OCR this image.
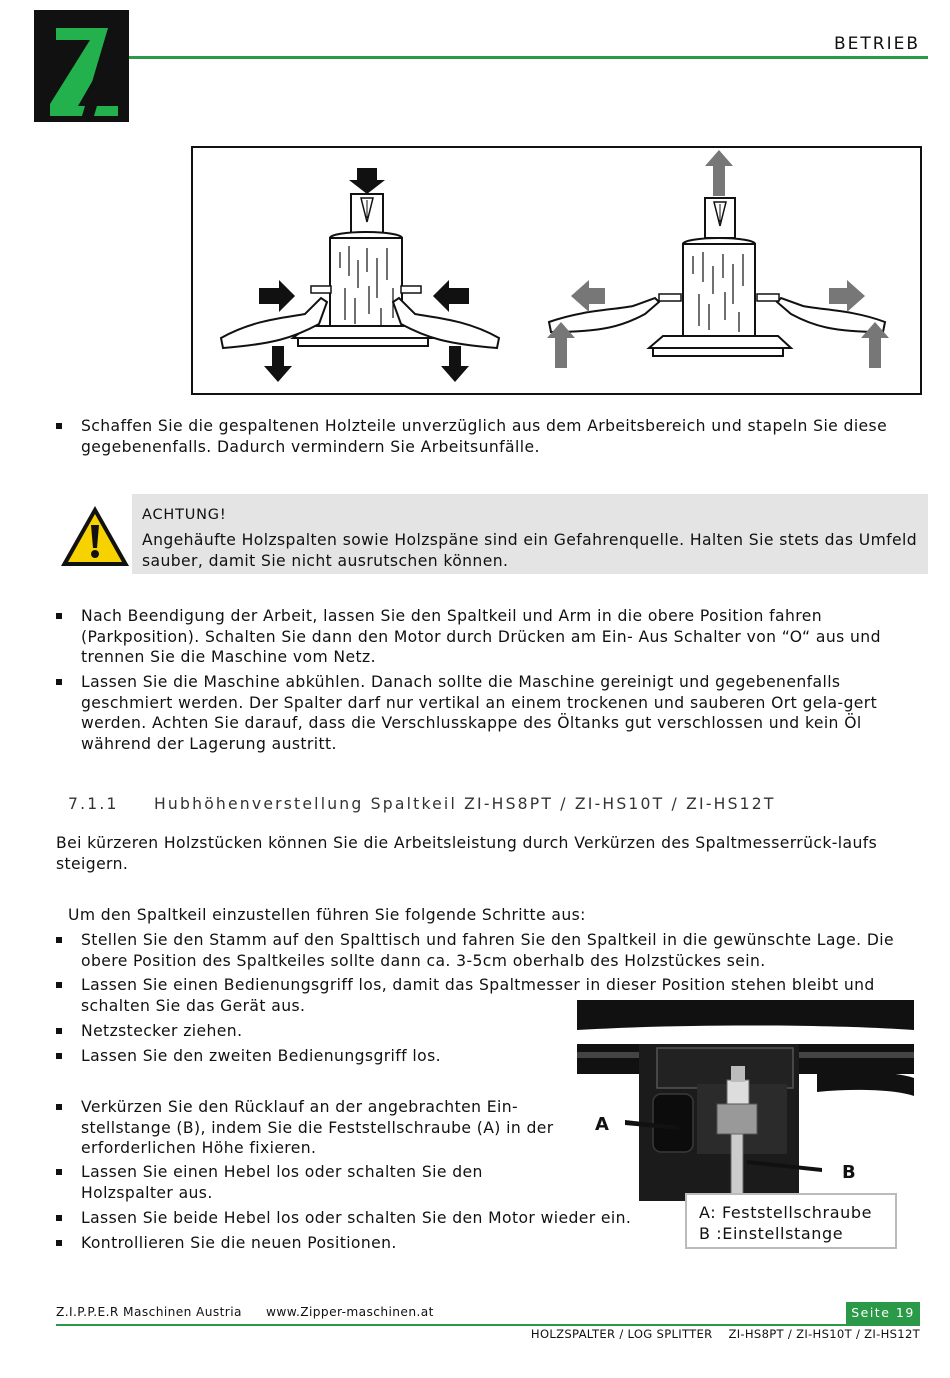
BETRIEB
Schaffen Sie die gespaltenen Holzteile unverzüglich aus dem Arbeitsbereich und stapeln Sie diese gegebenenfalls. Dadurch vermindern Sie Arbeitsunfälle.
ACHTUNG!
Angehäufte Holzspalten sowie Holzspäne sind ein Gefahrenquelle. Halten Sie stets das Umfeld sauber, damit Sie nicht ausrutschen können.
Nach Beendigung der Arbeit, lassen Sie den Spaltkeil und Arm in die obere Position fahren (Parkposition). Schalten Sie dann den Motor durch Drücken am Ein- Aus Schalter von “O“ aus und trennen Sie die Maschine vom Netz.
Lassen Sie die Maschine abkühlen. Danach sollte die Maschine gereinigt und gegebenenfalls geschmiert werden. Der Spalter darf nur vertikal an einem trockenen und sauberen Ort gela-gert werden. Achten Sie darauf, dass die Verschlusskappe des Öltanks gut verschlossen und kein Öl während der Lagerung austritt.
7.1.1 Hubhöhenverstellung Spaltkeil ZI-HS8PT / ZI-HS10T / ZI-HS12T
Bei kürzeren Holzstücken können Sie die Arbeitsleistung durch Verkürzen des Spaltmesserrück-laufs steigern.
Um den Spaltkeil einzustellen führen Sie folgende Schritte aus:
Stellen Sie den Stamm auf den Spalttisch und fahren Sie den Spaltkeil in die gewünschte Lage. Die obere Position des Spaltkeiles sollte dann ca. 3-5cm oberhalb des Holzstückes sein.
Lassen Sie einen Bedienungsgriff los, damit das Spaltmesser in dieser Position stehen bleibt und schalten Sie das Gerät aus.
Netzstecker ziehen.
Lassen Sie den zweiten Bedienungsgriff los.
Verkürzen Sie den Rücklauf an der angebrachten Ein-stellstange (B), indem Sie die Feststellschraube (A) in der erforderlichen Höhe fixieren.
Lassen Sie einen Hebel los oder schalten Sie den Holzspalter aus.
Lassen Sie beide Hebel los oder schalten Sie den Motor wieder ein.
Kontrollieren Sie die neuen Positionen.
A
B
A: Feststellschraube
B :Einstellstange
Z.I.P.P.E.R Maschinen Austria www.Zipper-maschinen.at	Seite 19
HOLZSPALTER / LOG SPLITTER    ZI-HS8PT / ZI-HS10T / ZI-HS12T
